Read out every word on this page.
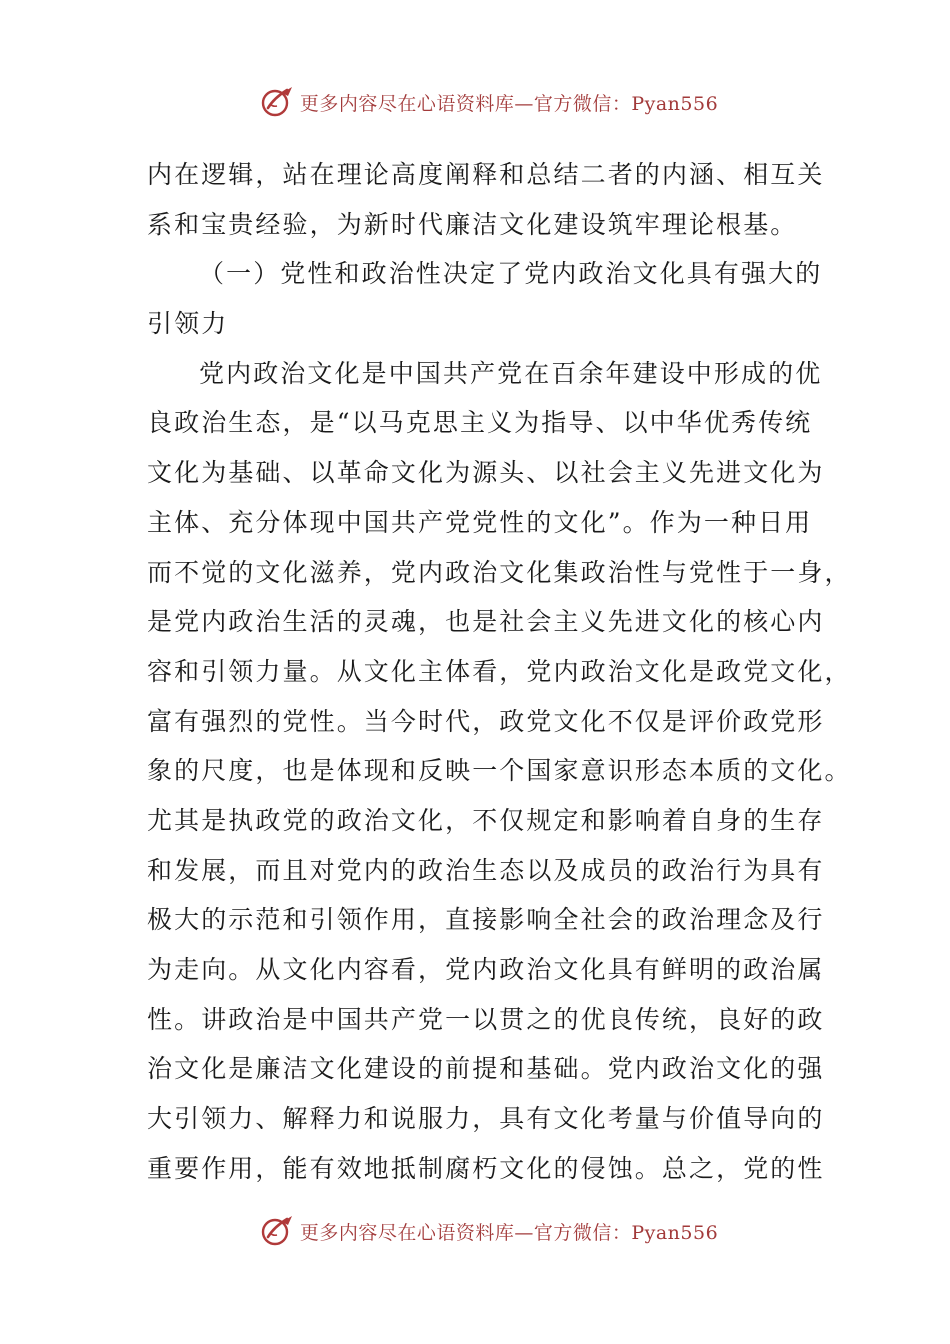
更多内容尽在心语资料库—官方微信：Pyan556
内在逻辑，站在理论高度阐释和总结二者的内涵、相互关
系和宝贵经验，为新时代廉洁文化建设筑牢理论根基。
（一）党性和政治性决定了党内政治文化具有强大的
引领力
党内政治文化是中国共产党在百余年建设中形成的优
良政治生态，是“以马克思主义为指导、以中华优秀传统
文化为基础、以革命文化为源头、以社会主义先进文化为
主体、充分体现中国共产党党性的文化”。作为一种日用
而不觉的文化滋养，党内政治文化集政治性与党性于一身，
是党内政治生活的灵魂，也是社会主义先进文化的核心内
容和引领力量。从文化主体看，党内政治文化是政党文化，
富有强烈的党性。当今时代，政党文化不仅是评价政党形
象的尺度，也是体现和反映一个国家意识形态本质的文化。
尤其是执政党的政治文化，不仅规定和影响着自身的生存
和发展，而且对党内的政治生态以及成员的政治行为具有
极大的示范和引领作用，直接影响全社会的政治理念及行
为走向。从文化内容看，党内政治文化具有鲜明的政治属
性。讲政治是中国共产党一以贯之的优良传统，良好的政
治文化是廉洁文化建设的前提和基础。党内政治文化的强
大引领力、解释力和说服力，具有文化考量与价值导向的
重要作用，能有效地抵制腐朽文化的侵蚀。总之，党的性
更多内容尽在心语资料库—官方微信：Pyan556
